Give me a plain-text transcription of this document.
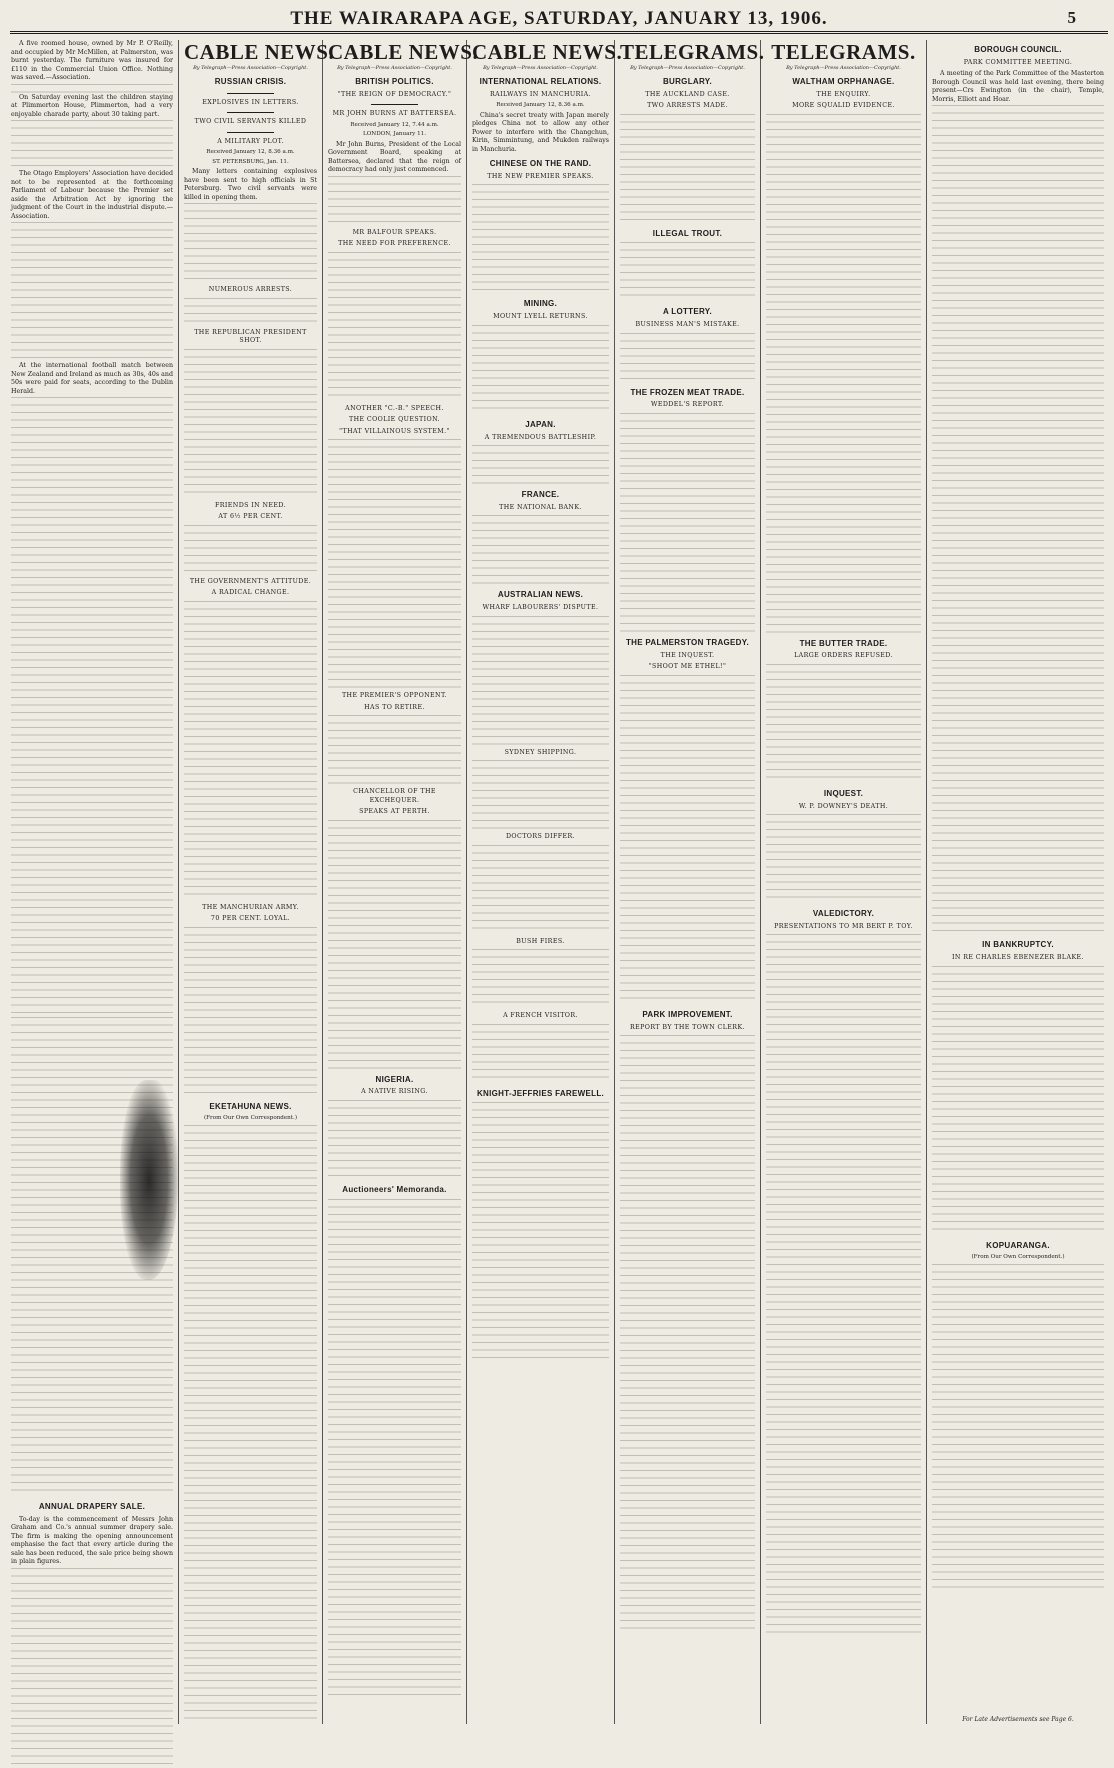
THE WAIRARAPA AGE, SATURDAY, JANUARY 13, 1906.	5

A five roomed house, owned by Mr P. O'Reilly, and occupied by Mr McMillen, at Palmerston, was burnt yesterday. The furniture was insured for £110 in the Commercial Union Office. Nothing was saved.—Association.

On Saturday evening last the children staying at Plimmerton House, Plimmerton, had a very enjoyable charade party, about 30 taking part.

The Otago Employers' Association have decided not to be represented at the forthcoming Parliament of Labour because the Premier set aside the Arbitration Act by ignoring the judgment of the Court in the industrial dispute.—Association.

At the international football match between New Zealand and Ireland as much as 30s, 40s and 50s were paid for seats, according to the Dublin Herald.

ANNUAL DRAPERY SALE.

To-day is the commencement of Messrs John Graham and Co.'s annual summer drapery sale. The firm is making the opening announcement emphasise the fact that every article during the sale has been reduced, the sale price being shown in plain figures.

CABLE NEWS.
By Telegraph—Press Association—Copyright.
RUSSIAN CRISIS.
EXPLOSIVES IN LETTERS.
TWO CIVIL SERVANTS KILLED
A MILITARY PLOT.
Received January 12, 8.36 a.m.
ST. PETERSBURG, Jan. 11.

Many letters containing explosives have been sent to high officials in St Petersburg. Two civil servants were killed in opening them.

NUMEROUS ARRESTS.
THE REPUBLICAN PRESIDENT SHOT.
FRIENDS IN NEED.
AT 6½ PER CENT.
THE GOVERNMENT'S ATTITUDE.
A RADICAL CHANGE.
THE MANCHURIAN ARMY.
70 PER CENT. LOYAL.
EKETAHUNA NEWS.
(From Our Own Correspondent.)
CABLE NEWS.
By Telegraph—Press Association—Copyright.
BRITISH POLITICS.
"THE REIGN OF DEMOCRACY."
MR JOHN BURNS AT BATTERSEA.
Received January 12, 7.44 a.m.
LONDON, January 11.

Mr John Burns, President of the Local Government Board, speaking at Battersea, declared that the reign of democracy had only just commenced.

MR BALFOUR SPEAKS.
THE NEED FOR PREFERENCE.
ANOTHER "C.-B." SPEECH.
THE COOLIE QUESTION.
"THAT VILLAINOUS SYSTEM."
THE PREMIER'S OPPONENT.
HAS TO RETIRE.
CHANCELLOR OF THE EXCHEQUER.
SPEAKS AT PERTH.
NIGERIA.
A NATIVE RISING.
Auctioneers' Memoranda.
CABLE NEWS.
By Telegraph—Press Association—Copyright.
INTERNATIONAL RELATIONS.
RAILWAYS IN MANCHURIA.
Received January 12, 8.36 a.m.

China's secret treaty with Japan merely pledges China not to allow any other Power to interfere with the Changchun, Kirin, Simmintung, and Mukden railways in Manchuria.

CHINESE ON THE RAND.
THE NEW PREMIER SPEAKS.
MINING.
MOUNT LYELL RETURNS.
JAPAN.
A TREMENDOUS BATTLESHIP.
FRANCE.
THE NATIONAL BANK.
AUSTRALIAN NEWS.
WHARF LABOURERS' DISPUTE.
SYDNEY SHIPPING.
DOCTORS DIFFER.
BUSH FIRES.
A FRENCH VISITOR.
KNIGHT-JEFFRIES FAREWELL.
TELEGRAMS.
By Telegraph—Press Association—Copyright.
BURGLARY.
THE AUCKLAND CASE.
TWO ARRESTS MADE.
ILLEGAL TROUT.
A LOTTERY.
BUSINESS MAN'S MISTAKE.
THE FROZEN MEAT TRADE.
WEDDEL'S REPORT.
THE PALMERSTON TRAGEDY.
THE INQUEST.
"SHOOT ME ETHEL!"
PARK IMPROVEMENT.
REPORT BY THE TOWN CLERK.
TELEGRAMS.
By Telegraph—Press Association—Copyright.
WALTHAM ORPHANAGE.
THE ENQUIRY.
MORE SQUALID EVIDENCE.
THE BUTTER TRADE.
LARGE ORDERS REFUSED.
INQUEST.
W. P. DOWNEY'S DEATH.
VALEDICTORY.
PRESENTATIONS TO MR BERT P. TOY.
BOROUGH COUNCIL.
PARK COMMITTEE MEETING.

A meeting of the Park Committee of the Masterton Borough Council was held last evening, there being present—Crs Ewington (in the chair), Temple, Morris, Elliott and Hoar.

IN BANKRUPTCY.
IN RE CHARLES EBENEZER BLAKE.
KOPUARANGA.
(From Our Own Correspondent.)
For Late Advertisements see Page 6.
